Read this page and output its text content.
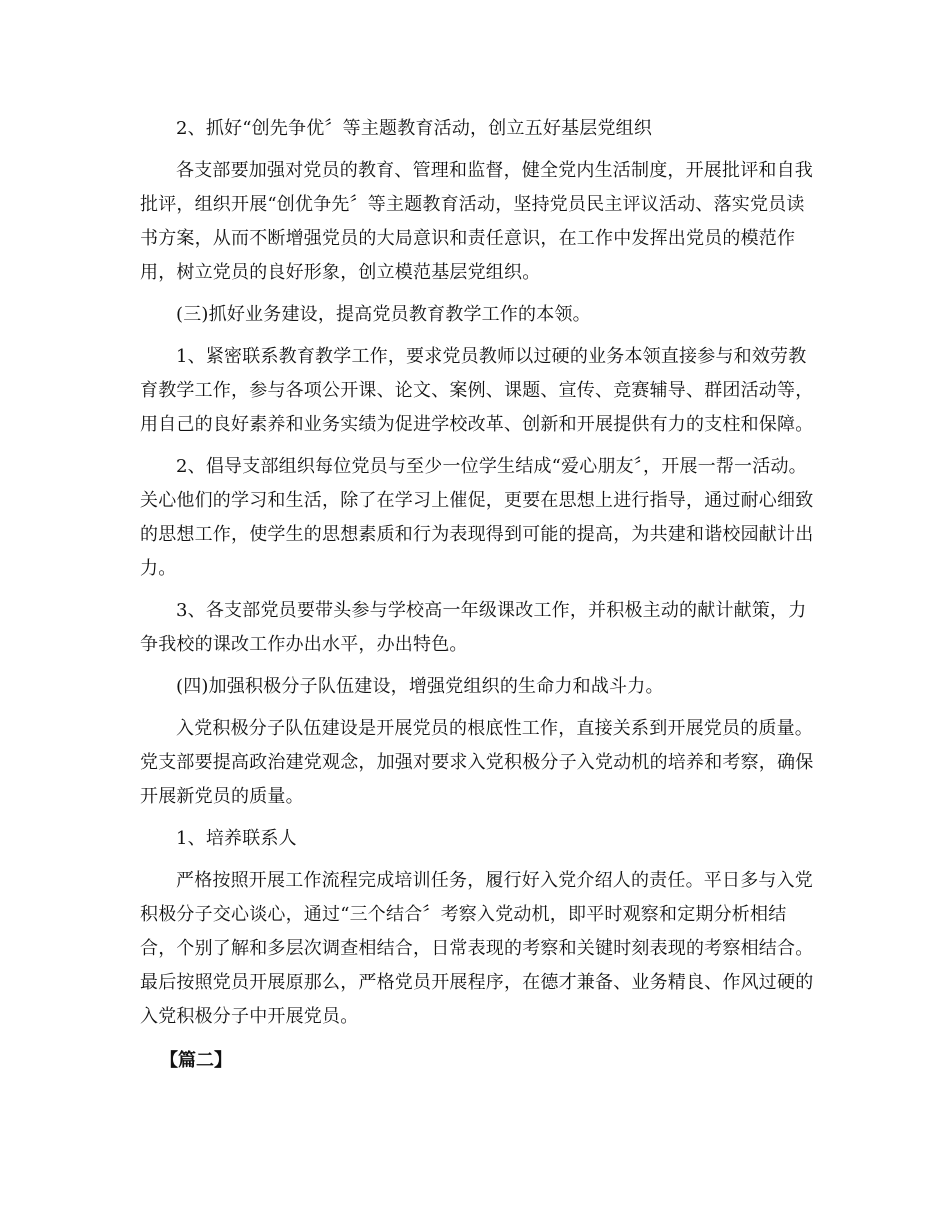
2、抓好“创先争优〞等主题教育活动，创立五好基层党组织

各支部要加强对党员的教育、管理和监督，健全党内生活制度，开展批评和自我批评，组织开展“创优争先〞等主题教育活动，坚持党员民主评议活动、落实党员读书方案，从而不断增强党员的大局意识和责任意识，在工作中发挥出党员的模范作用，树立党员的良好形象，创立模范基层党组织。

(三)抓好业务建设，提高党员教育教学工作的本领。

1、紧密联系教育教学工作，要求党员教师以过硬的业务本领直接参与和效劳教育教学工作，参与各项公开课、论文、案例、课题、宣传、竞赛辅导、群团活动等，用自己的良好素养和业务实绩为促进学校改革、创新和开展提供有力的支柱和保障。

2、倡导支部组织每位党员与至少一位学生结成“爱心朋友〞，开展一帮一活动。关心他们的学习和生活，除了在学习上催促，更要在思想上进行指导，通过耐心细致的思想工作，使学生的思想素质和行为表现得到可能的提高，为共建和谐校园献计出力。

3、各支部党员要带头参与学校高一年级课改工作，并积极主动的献计献策，力争我校的课改工作办出水平，办出特色。

(四)加强积极分子队伍建设，增强党组织的生命力和战斗力。

入党积极分子队伍建设是开展党员的根底性工作，直接关系到开展党员的质量。党支部要提高政治建党观念，加强对要求入党积极分子入党动机的培养和考察，确保开展新党员的质量。

1、培养联系人

严格按照开展工作流程完成培训任务，履行好入党介绍人的责任。平日多与入党积极分子交心谈心，通过“三个结合〞考察入党动机，即平时观察和定期分析相结合，个别了解和多层次调查相结合，日常表现的考察和关键时刻表现的考察相结合。最后按照党员开展原那么，严格党员开展程序，在德才兼备、业务精良、作风过硬的入党积极分子中开展党员。

【篇二】
